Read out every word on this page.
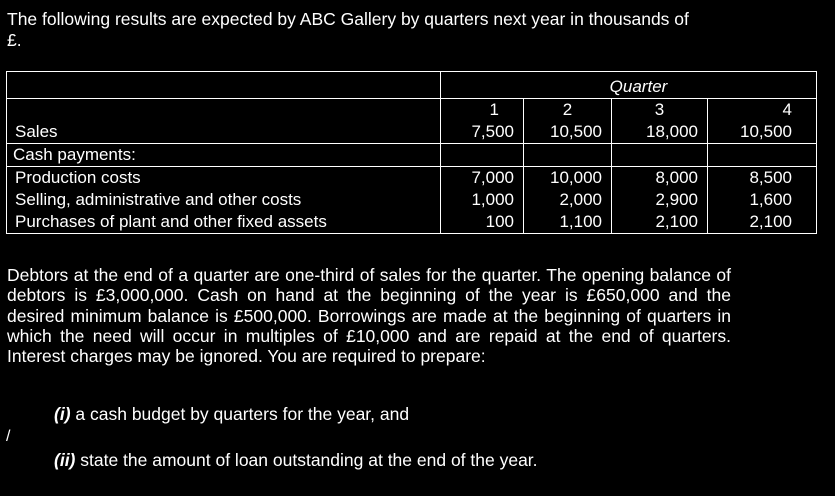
The following results are expected by ABC Gallery by quarters next year in thousands of £.

	Quarter			
	1	2	3	4
Sales	7,500	10,500	18,000	10,500
Cash payments:				
Production costs	7,000	10,000	8,000	8,500
Selling, administrative and other costs	1,000	2,000	2,900	1,600
Purchases of plant and other fixed assets	100	1,100	2,100	2,100

Debtors at the end of a quarter are one-third of sales for the quarter. The opening balance of debtors is £3,000,000. Cash on hand at the beginning of the year is £650,000 and the desired minimum balance is £500,000. Borrowings are made at the beginning of quarters in which the need will occur in multiples of £10,000 and are repaid at the end of quarters. Interest charges may be ignored. You are required to prepare:

(i) a cash budget by quarters for the year, and

/

(ii) state the amount of loan outstanding at the end of the year.
